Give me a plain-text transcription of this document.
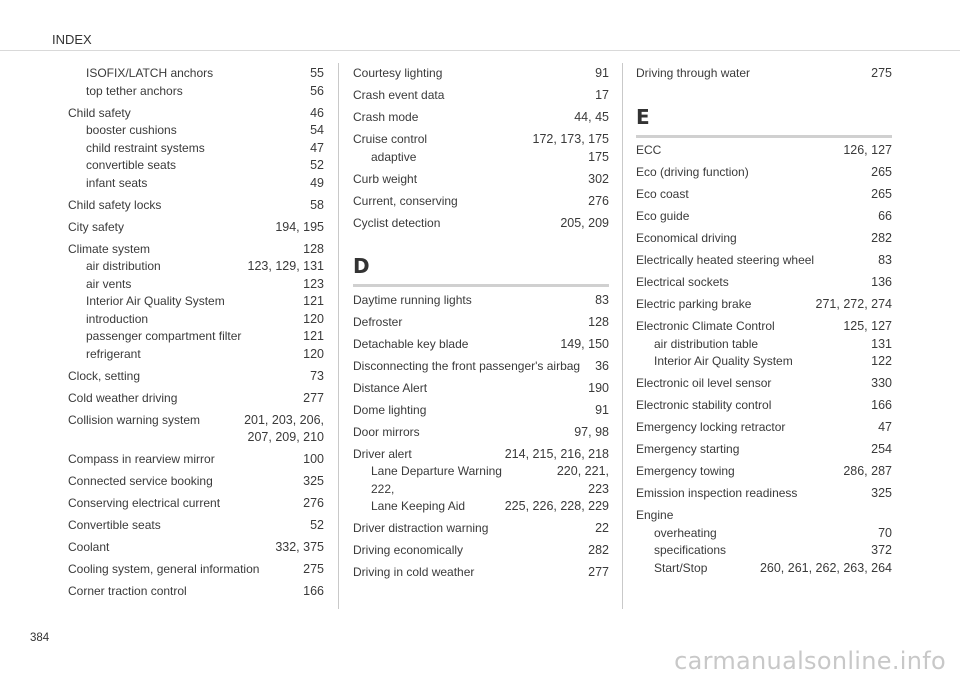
INDEX
ISOFIX/LATCH anchors	55
top tether anchors	56
Child safety	46
booster cushions	54
child restraint systems	47
convertible seats	52
infant seats	49
Child safety locks	58
City safety	194, 195
Climate system	128
air distribution	123, 129, 131
air vents	123
Interior Air Quality System	121
introduction	120
passenger compartment filter	121
refrigerant	120
Clock, setting	73
Cold weather driving	277
Collision warning system	201, 203, 206,
207, 209, 210
Compass in rearview mirror	100
Connected service booking	325
Conserving electrical current	276
Convertible seats	52
Coolant	332, 375
Cooling system, general information	275
Corner traction control	166
Courtesy lighting	91
Crash event data	17
Crash mode	44, 45
Cruise control	172, 173, 175
adaptive	175
Curb weight	302
Current, conserving	276
Cyclist detection	205, 209
D
Daytime running lights	83
Defroster	128
Detachable key blade	149, 150
Disconnecting the front passenger's airbag	36
Distance Alert	190
Dome lighting	91
Door mirrors	97, 98
Driver alert	214, 215, 216, 218
Lane Departure Warning	220, 221,
222,	223
Lane Keeping Aid	225, 226, 228, 229
Driver distraction warning	22
Driving economically	282
Driving in cold weather	277
Driving through water	275
E
ECC	126, 127
Eco (driving function)	265
Eco coast	265
Eco guide	66
Economical driving	282
Electrically heated steering wheel	83
Electrical sockets	136
Electric parking brake	271, 272, 274
Electronic Climate Control	125, 127
air distribution table	131
Interior Air Quality System	122
Electronic oil level sensor	330
Electronic stability control	166
Emergency locking retractor	47
Emergency starting	254
Emergency towing	286, 287
Emission inspection readiness	325
Engine
overheating	70
specifications	372
Start/Stop	260, 261, 262, 263, 264
384
carmanualsonline.info
